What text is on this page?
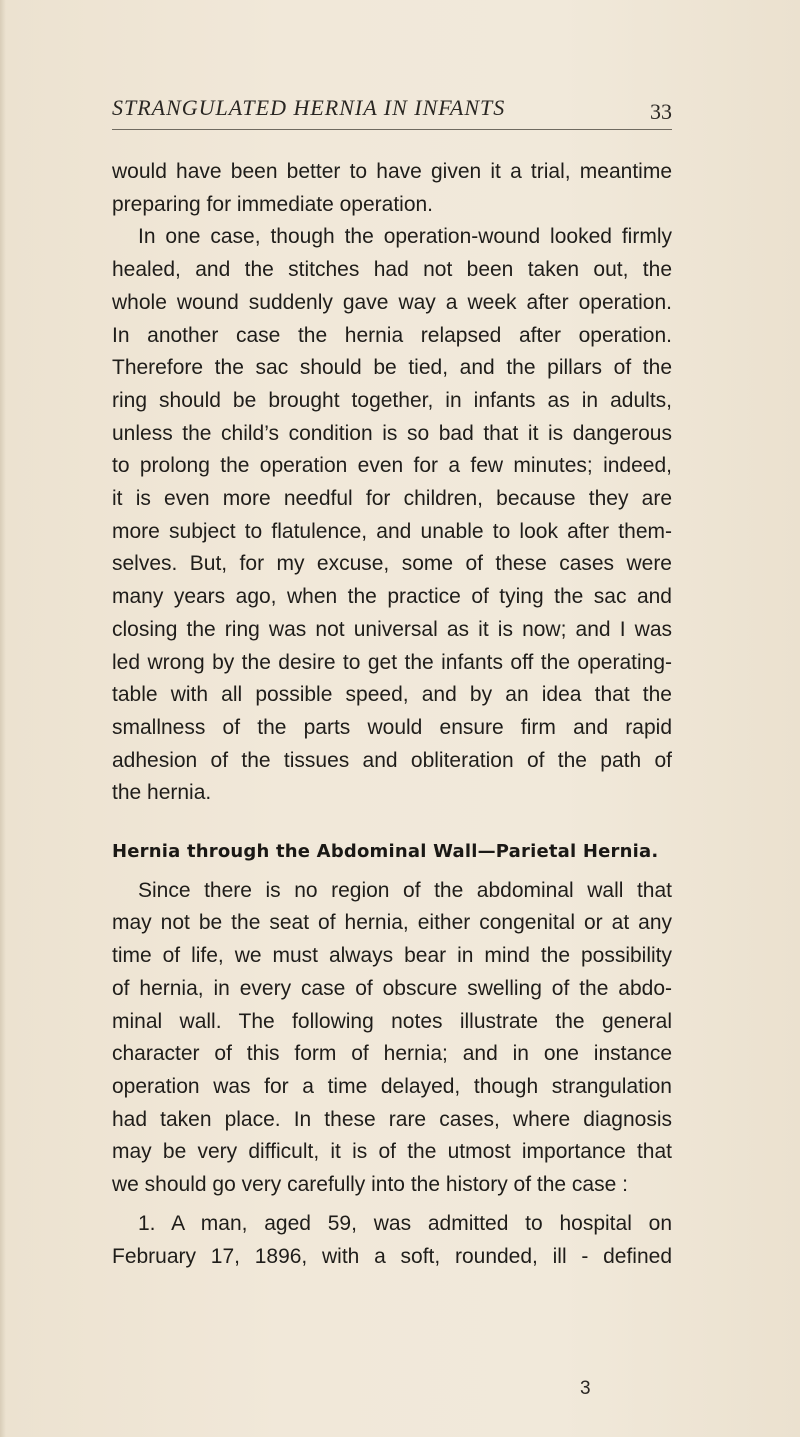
STRANGULATED HERNIA IN INFANTS	33
would have been better to have given it a trial, meantime
preparing for immediate operation.
In one case, though the operation-wound looked firmly
healed, and the stitches had not been taken out, the
whole wound suddenly gave way a week after operation.
In another case the hernia relapsed after operation.
Therefore the sac should be tied, and the pillars of the
ring should be brought together, in infants as in adults,
unless the child’s condition is so bad that it is dangerous
to prolong the operation even for a few minutes; indeed,
it is even more needful for children, because they are
more subject to flatulence, and unable to look after them-
selves. But, for my excuse, some of these cases were
many years ago, when the practice of tying the sac and
closing the ring was not universal as it is now; and I was
led wrong by the desire to get the infants off the operating-
table with all possible speed, and by an idea that the
smallness of the parts would ensure firm and rapid
adhesion of the tissues and obliteration of the path of
the hernia.
Hernia through the Abdominal Wall—Parietal Hernia.
Since there is no region of the abdominal wall that
may not be the seat of hernia, either congenital or at any
time of life, we must always bear in mind the possibility
of hernia, in every case of obscure swelling of the abdo-
minal wall. The following notes illustrate the general
character of this form of hernia; and in one instance
operation was for a time delayed, though strangulation
had taken place. In these rare cases, where diagnosis
may be very difficult, it is of the utmost importance that
we should go very carefully into the history of the case :
1. A man, aged 59, was admitted to hospital on
February 17, 1896, with a soft, rounded, ill - defined
3
